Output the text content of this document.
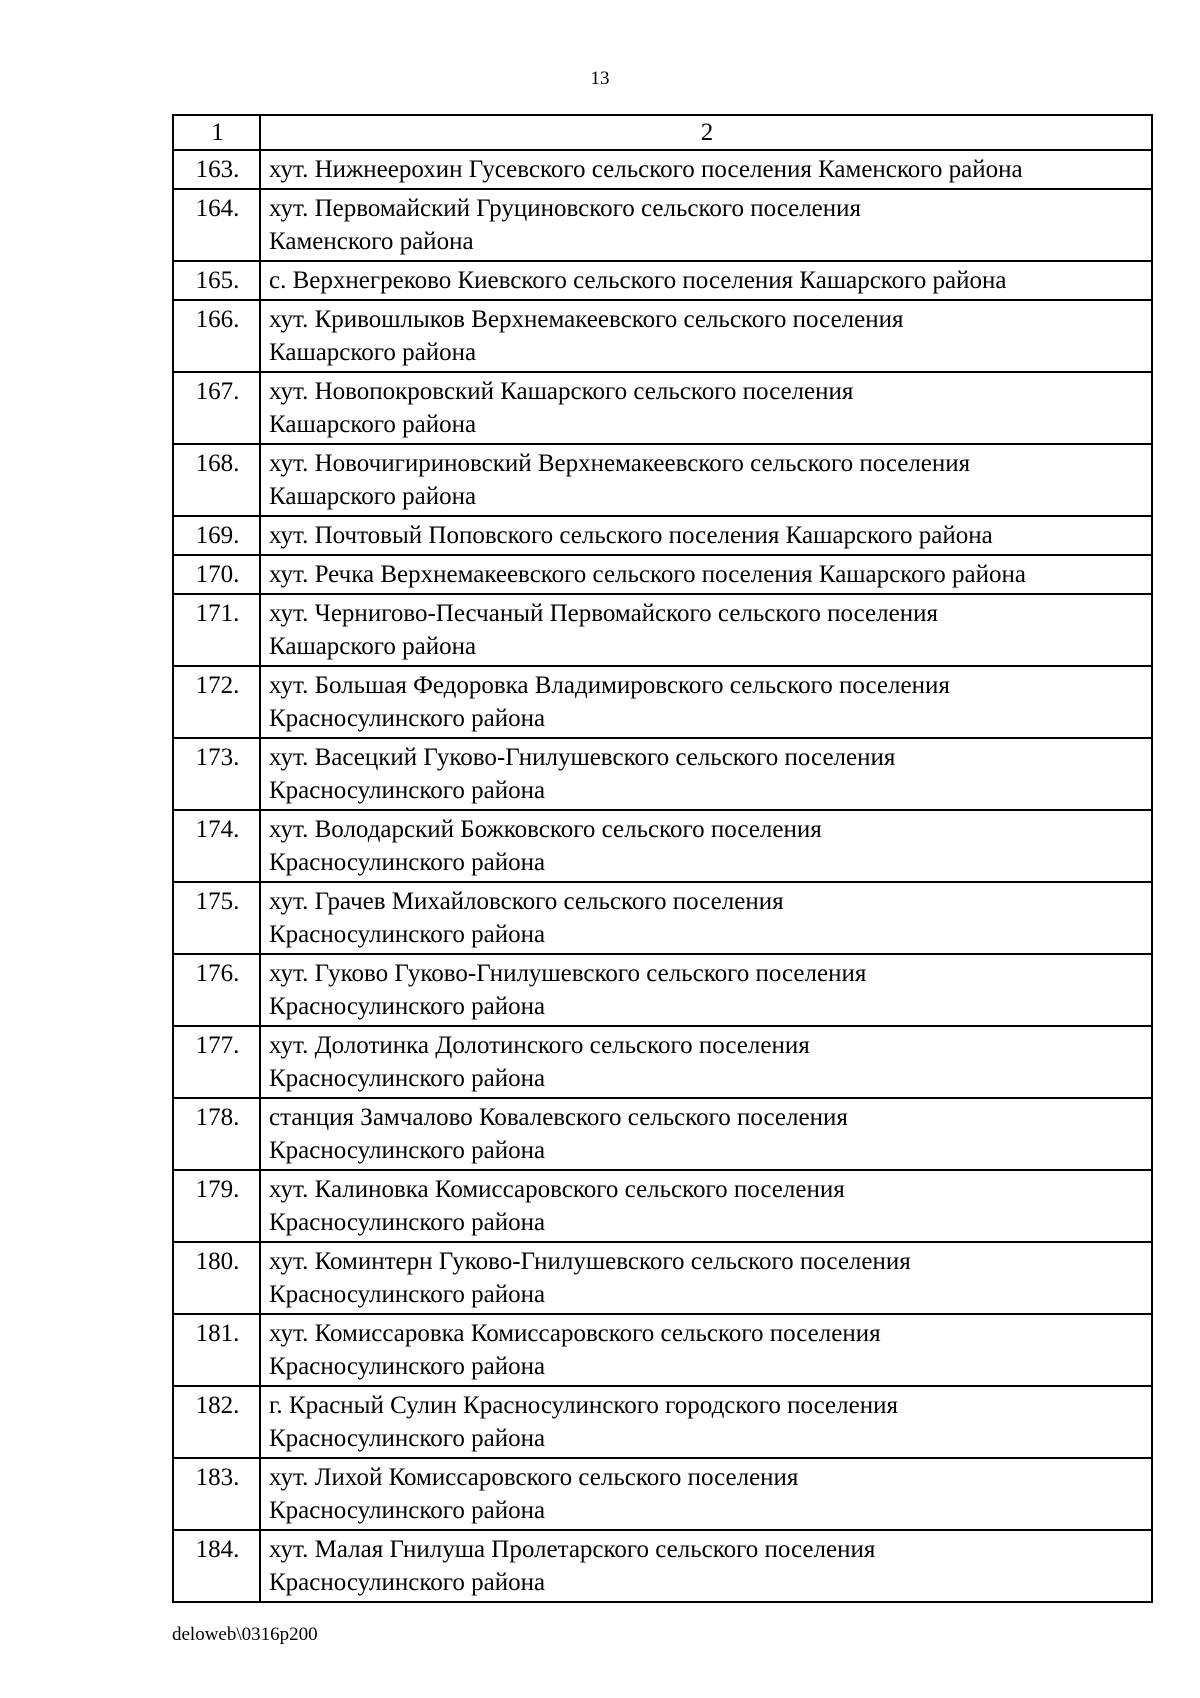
13
1	2
163.	хут. Нижнеерохин Гусевского сельского поселения Каменского района
164.	хут. Первомайский Груциновского сельского поселения
Каменского района
165.	с. Верхнегреково Киевского сельского поселения Кашарского района
166.	хут. Кривошлыков Верхнемакеевского сельского поселения
Кашарского района
167.	хут. Новопокровский Кашарского сельского поселения
Кашарского района
168.	хут. Новочигириновский Верхнемакеевского сельского поселения
Кашарского района
169.	хут. Почтовый Поповского сельского поселения Кашарского района
170.	хут. Речка Верхнемакеевского сельского поселения Кашарского района
171.	хут. Чернигово-Песчаный Первомайского сельского поселения
Кашарского района
172.	хут. Большая Федоровка Владимировского сельского поселения
Красносулинского района
173.	хут. Васецкий Гуково-Гнилушевского сельского поселения
Красносулинского района
174.	хут. Володарский Божковского сельского поселения
Красносулинского района
175.	хут. Грачев Михайловского сельского поселения
Красносулинского района
176.	хут. Гуково Гуково-Гнилушевского сельского поселения
Красносулинского района
177.	хут. Долотинка Долотинского сельского поселения
Красносулинского района
178.	станция Замчалово Ковалевского сельского поселения
Красносулинского района
179.	хут. Калиновка Комиссаровского сельского поселения
Красносулинского района
180.	хут. Коминтерн Гуково-Гнилушевского сельского поселения
Красносулинского района
181.	хут. Комиссаровка Комиссаровского сельского поселения
Красносулинского района
182.	г. Красный Сулин Красносулинского городского поселения
Красносулинского района
183.	хут. Лихой Комиссаровского сельского поселения
Красносулинского района
184.	хут. Малая Гнилуша Пролетарского сельского поселения
Красносулинского района
deloweb\0316p200
